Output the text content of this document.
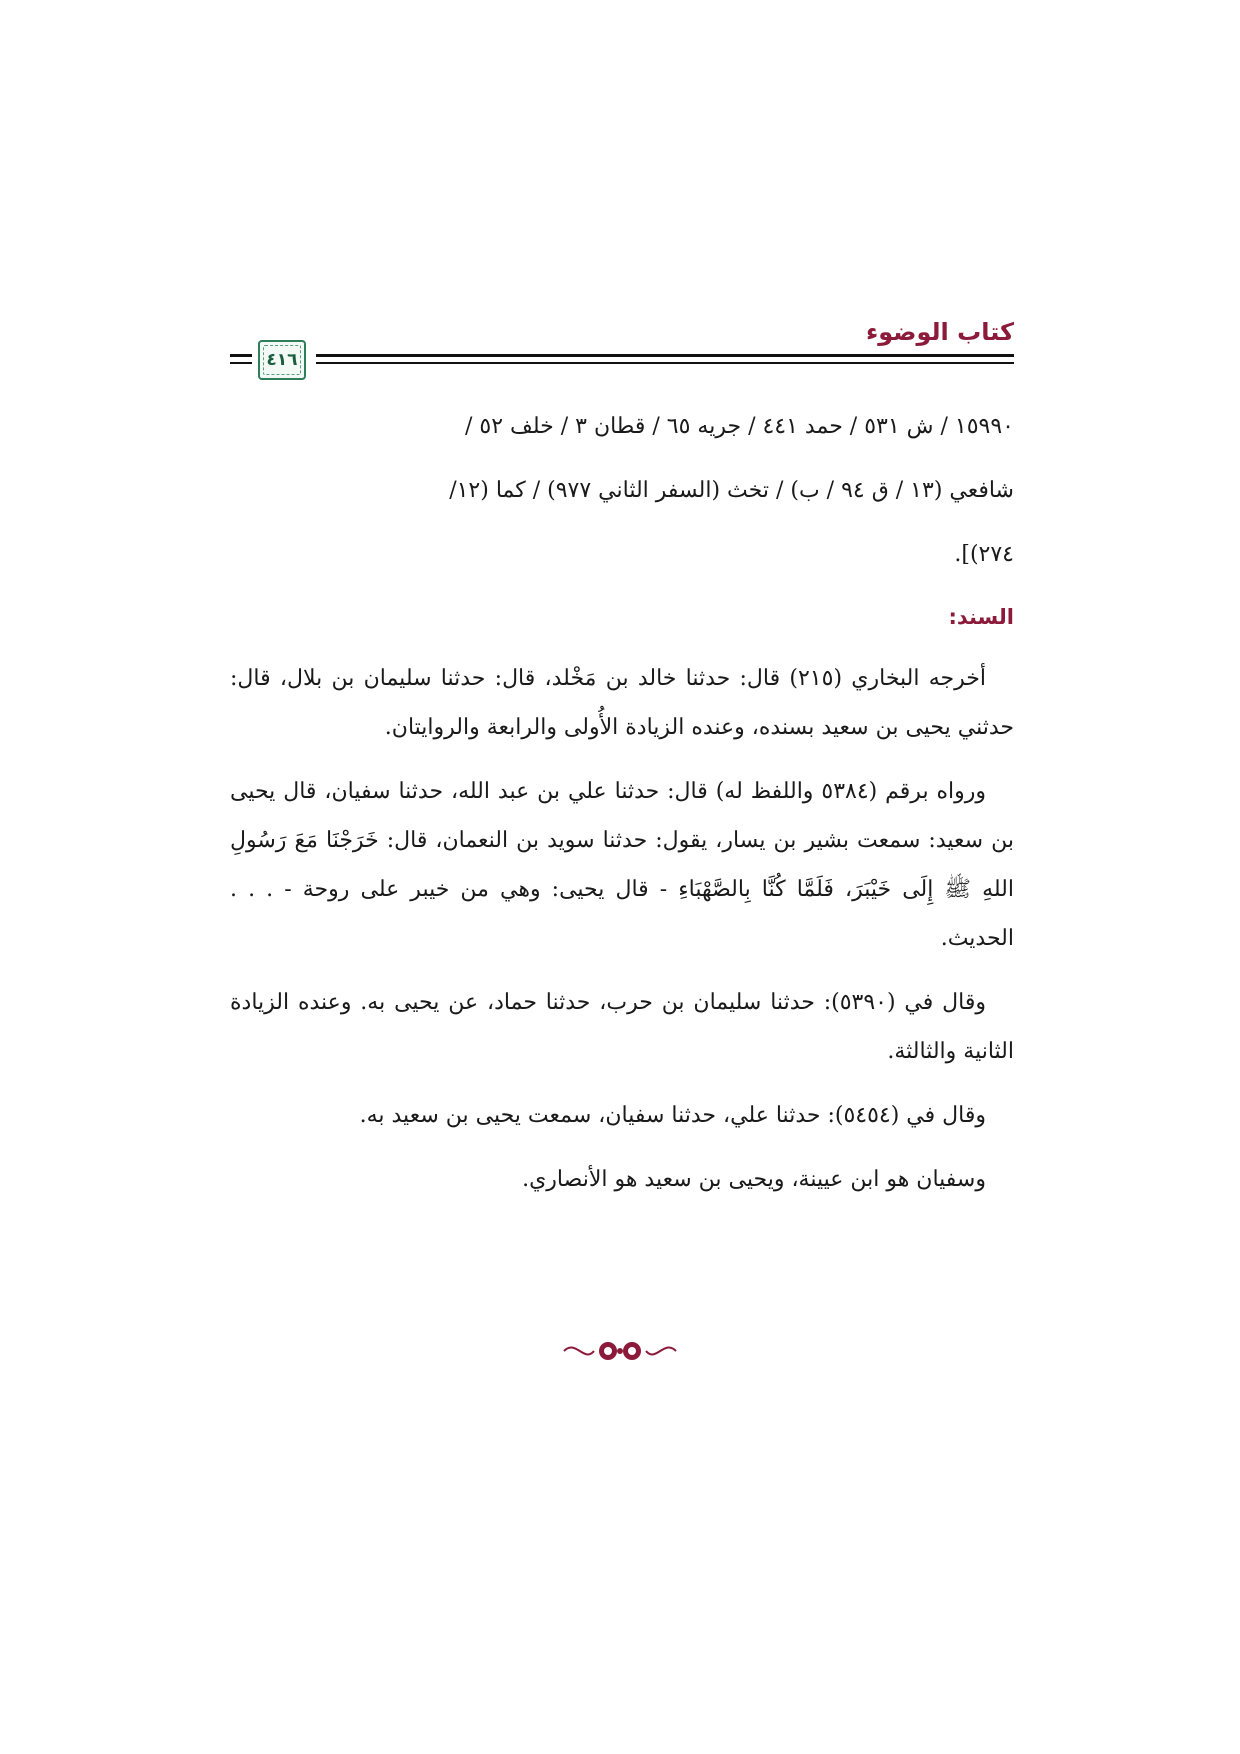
كتاب الوضوء
٤١٦

١٥٩٩٠ / ش ٥٣١ / حمد ٤٤١ / جريه ٦٥ / قطان ٣ / خلف ٥٢ /

شافعي (١٣ / ق ٩٤ / ب) / تخث (السفر الثاني ٩٧٧) / كما (١٢/

٢٧٤)].

السند:

أخرجه البخاري (٢١٥) قال: حدثنا خالد بن مَخْلد، قال: حدثنا سليمان بن بلال، قال: حدثني يحيى بن سعيد بسنده، وعنده الزيادة الأُولى والرابعة والروايتان.

ورواه برقم (٥٣٨٤ واللفظ له) قال: حدثنا علي بن عبد الله، حدثنا سفيان، قال يحيى بن سعيد: سمعت بشير بن يسار، يقول: حدثنا سويد بن النعمان، قال: خَرَجْنَا مَعَ رَسُولِ اللهِ ﷺ إِلَى خَيْبَرَ، فَلَمَّا كُنَّا بِالصَّهْبَاءِ - قال يحيى: وهي من خيبر على روحة - . . . الحديث.

وقال في (٥٣٩٠): حدثنا سليمان بن حرب، حدثنا حماد، عن يحيى به. وعنده الزيادة الثانية والثالثة.

وقال في (٥٤٥٤): حدثنا علي، حدثنا سفيان، سمعت يحيى بن سعيد به.

وسفيان هو ابن عيينة، ويحيى بن سعيد هو الأنصاري.
